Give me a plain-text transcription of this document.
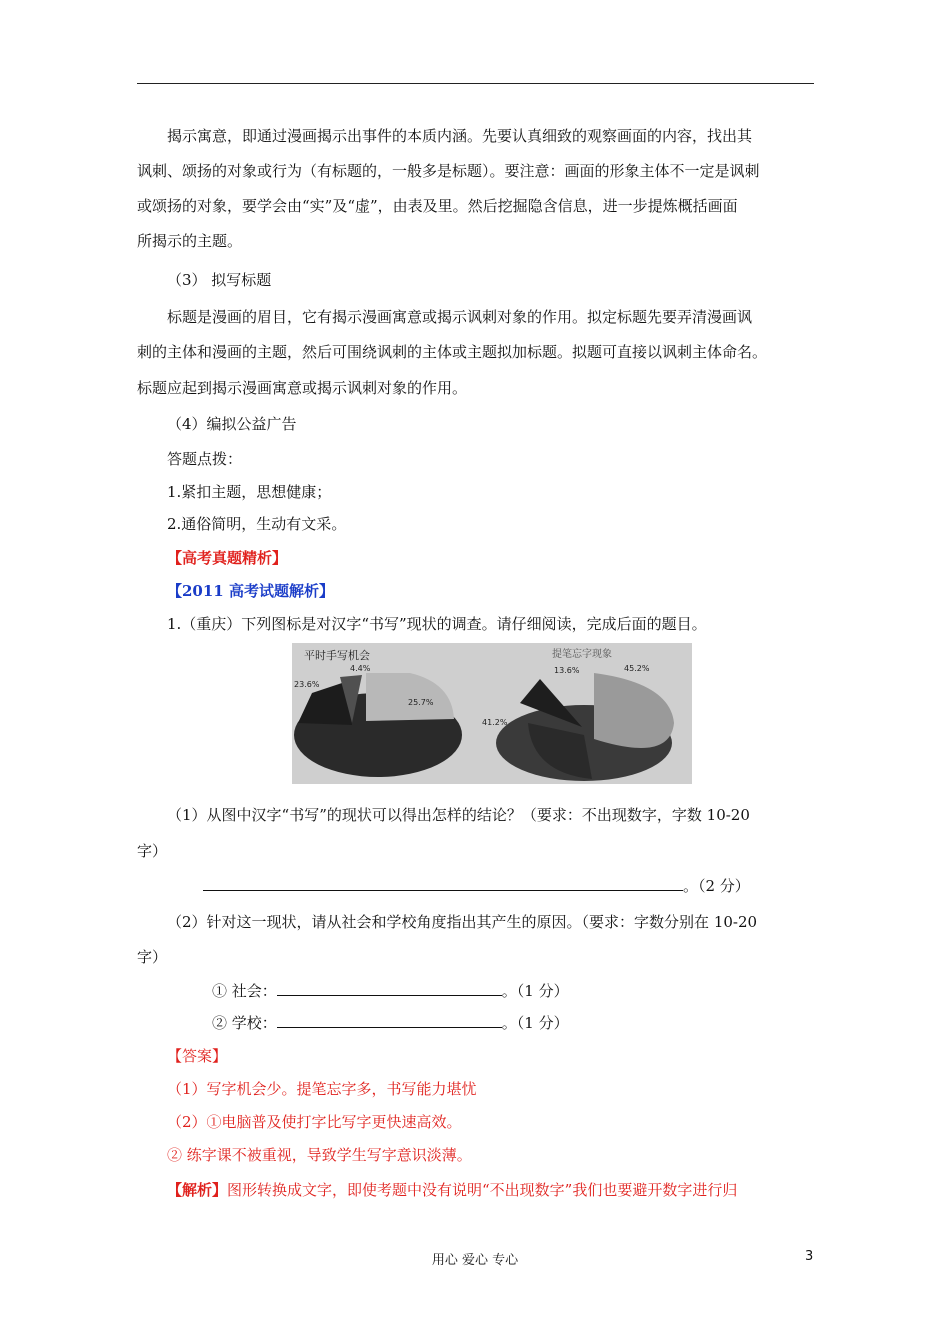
揭示寓意，即通过漫画揭示出事件的本质内涵。先要认真细致的观察画面的内容，找出其
讽刺、颂扬的对象或行为（有标题的，一般多是标题）。要注意：画面的形象主体不一定是讽刺
或颂扬的对象，要学会由“实”及“虚”，由表及里。然后挖掘隐含信息，进一步提炼概括画面
所揭示的主题。
（3） 拟写标题
标题是漫画的眉目，它有揭示漫画寓意或揭示讽刺对象的作用。拟定标题先要弄清漫画讽
刺的主体和漫画的主题，然后可围绕讽刺的主体或主题拟加标题。拟题可直接以讽刺主体命名。
标题应起到揭示漫画寓意或揭示讽刺对象的作用。
（4）编拟公益广告
答题点拨：
1.紧扣主题，思想健康；
2.通俗简明，生动有文采。
【高考真题精析】
【2011 高考试题解析】
1.（重庆）下列图标是对汉字“书写”现状的调查。请仔细阅读，完成后面的题目。
平时手写机会
23.6%
4.4%
25.7%
提笔忘字现象
13.6%	45.2%
41.2%
（1）从图中汉字“书写”的现状可以得出怎样的结论？（要求：不出现数字，字数 10-20
字）
。（2 分）
（2）针对这一现状，请从社会和学校角度指出其产生的原因。（要求：字数分别在 10-20
字）
① 社会：	。（1 分）
② 学校：	。（1 分）
【答案】
（1）写字机会少。提笔忘字多，书写能力堪忧
（2）①电脑普及使打字比写字更快速高效。
② 练字课不被重视，导致学生写字意识淡薄。
【解析】图形转换成文字，即使考题中没有说明“不出现数字”我们也要避开数字进行归
用心 爱心 专心	3
